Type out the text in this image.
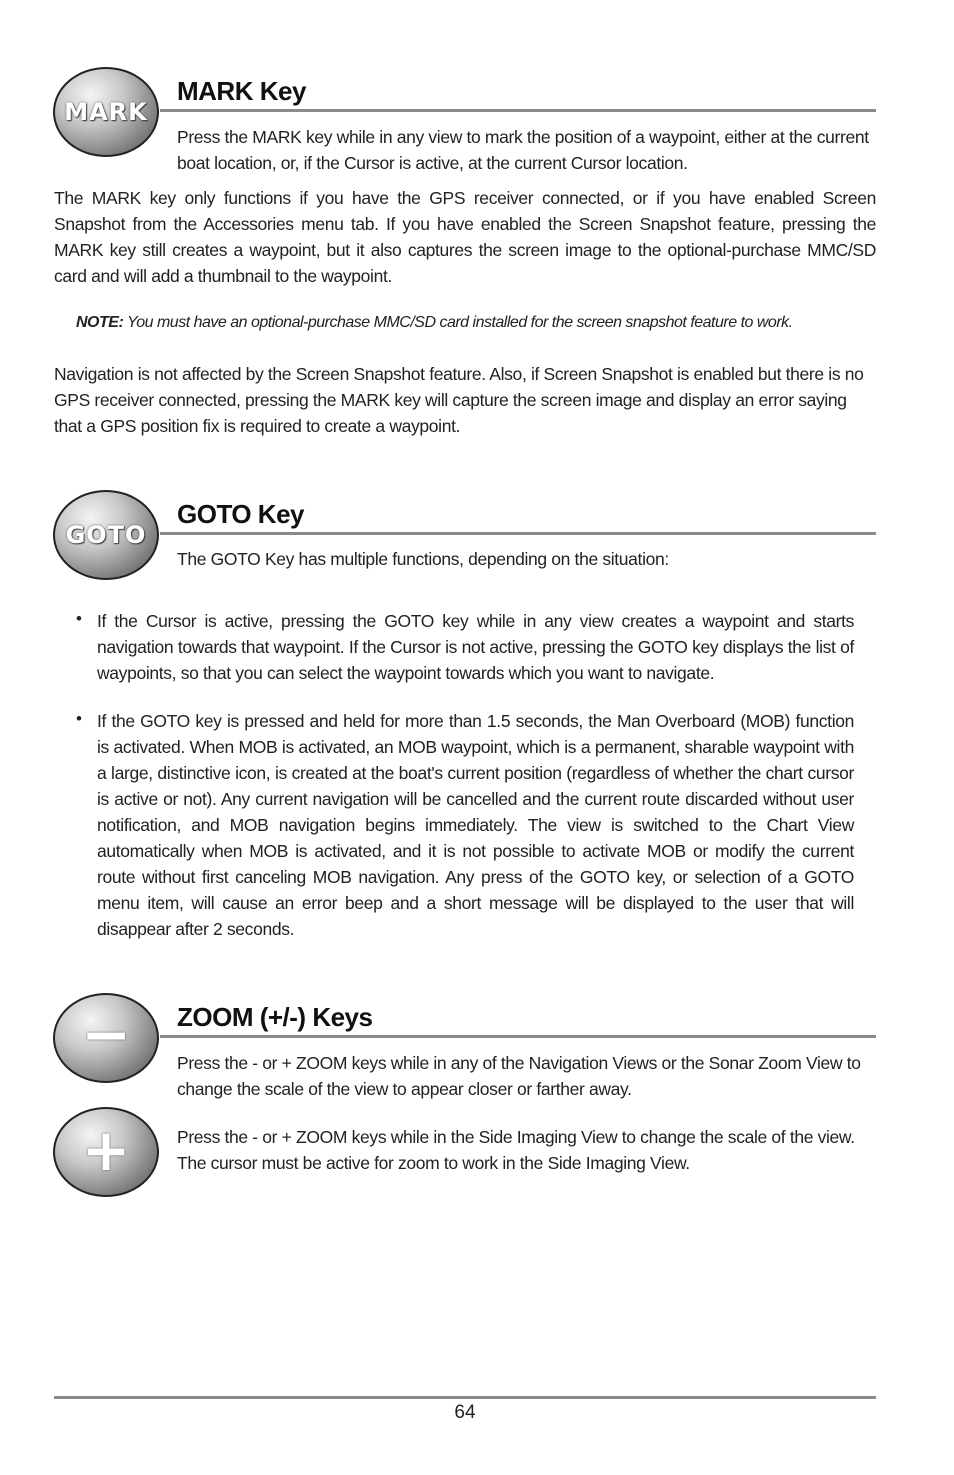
MARK
MARK Key

Press the MARK key while in any view to mark the position of a waypoint, either at the current boat location, or, if the Cursor is active, at the current Cursor location.

The MARK key only functions if you have the GPS receiver connected, or if you have enabled Screen Snapshot from the Accessories menu tab. If you have enabled the Screen Snapshot feature, pressing the MARK key still creates a waypoint, but it also captures the screen image to the optional-purchase MMC/SD card and will add a thumbnail to the waypoint.

NOTE: You must have an optional-purchase MMC/SD card installed for the screen snapshot feature to work.

Navigation is not affected by the Screen Snapshot feature. Also, if Screen Snapshot is enabled but there is no GPS receiver connected, pressing the MARK key will capture the screen image and display an error saying that a GPS position fix is required to create a waypoint.

GOTO
GOTO Key

The GOTO Key has multiple functions, depending on the situation:

• If the Cursor is active, pressing the GOTO key while in any view creates a waypoint and starts navigation towards that waypoint. If the Cursor is not active, pressing the GOTO key displays the list of waypoints, so that you can select the waypoint towards which you want to navigate.

• If the GOTO key is pressed and held for more than 1.5 seconds, the Man Overboard (MOB) function is activated. When MOB is activated, an MOB waypoint, which is a permanent, sharable waypoint with a large, distinctive icon, is created at the boat's current position (regardless of whether the chart cursor is active or not). Any current navigation will be cancelled and the current route discarded without user notification, and MOB navigation begins immediately. The view is switched to the Chart View automatically when MOB is activated, and it is not possible to activate MOB or modify the current route without first canceling MOB navigation. Any press of the GOTO key, or selection of a GOTO menu item, will cause an error beep and a short message will be displayed to the user that will disappear after 2 seconds.

−
+
ZOOM (+/-) Keys

Press the - or + ZOOM keys while in any of the Navigation Views or the Sonar Zoom View to change the scale of the view to appear closer or farther away.

Press the - or + ZOOM keys while in the Side Imaging View to change the scale of the view. The cursor must be active for zoom to work in the Side Imaging View.

64
